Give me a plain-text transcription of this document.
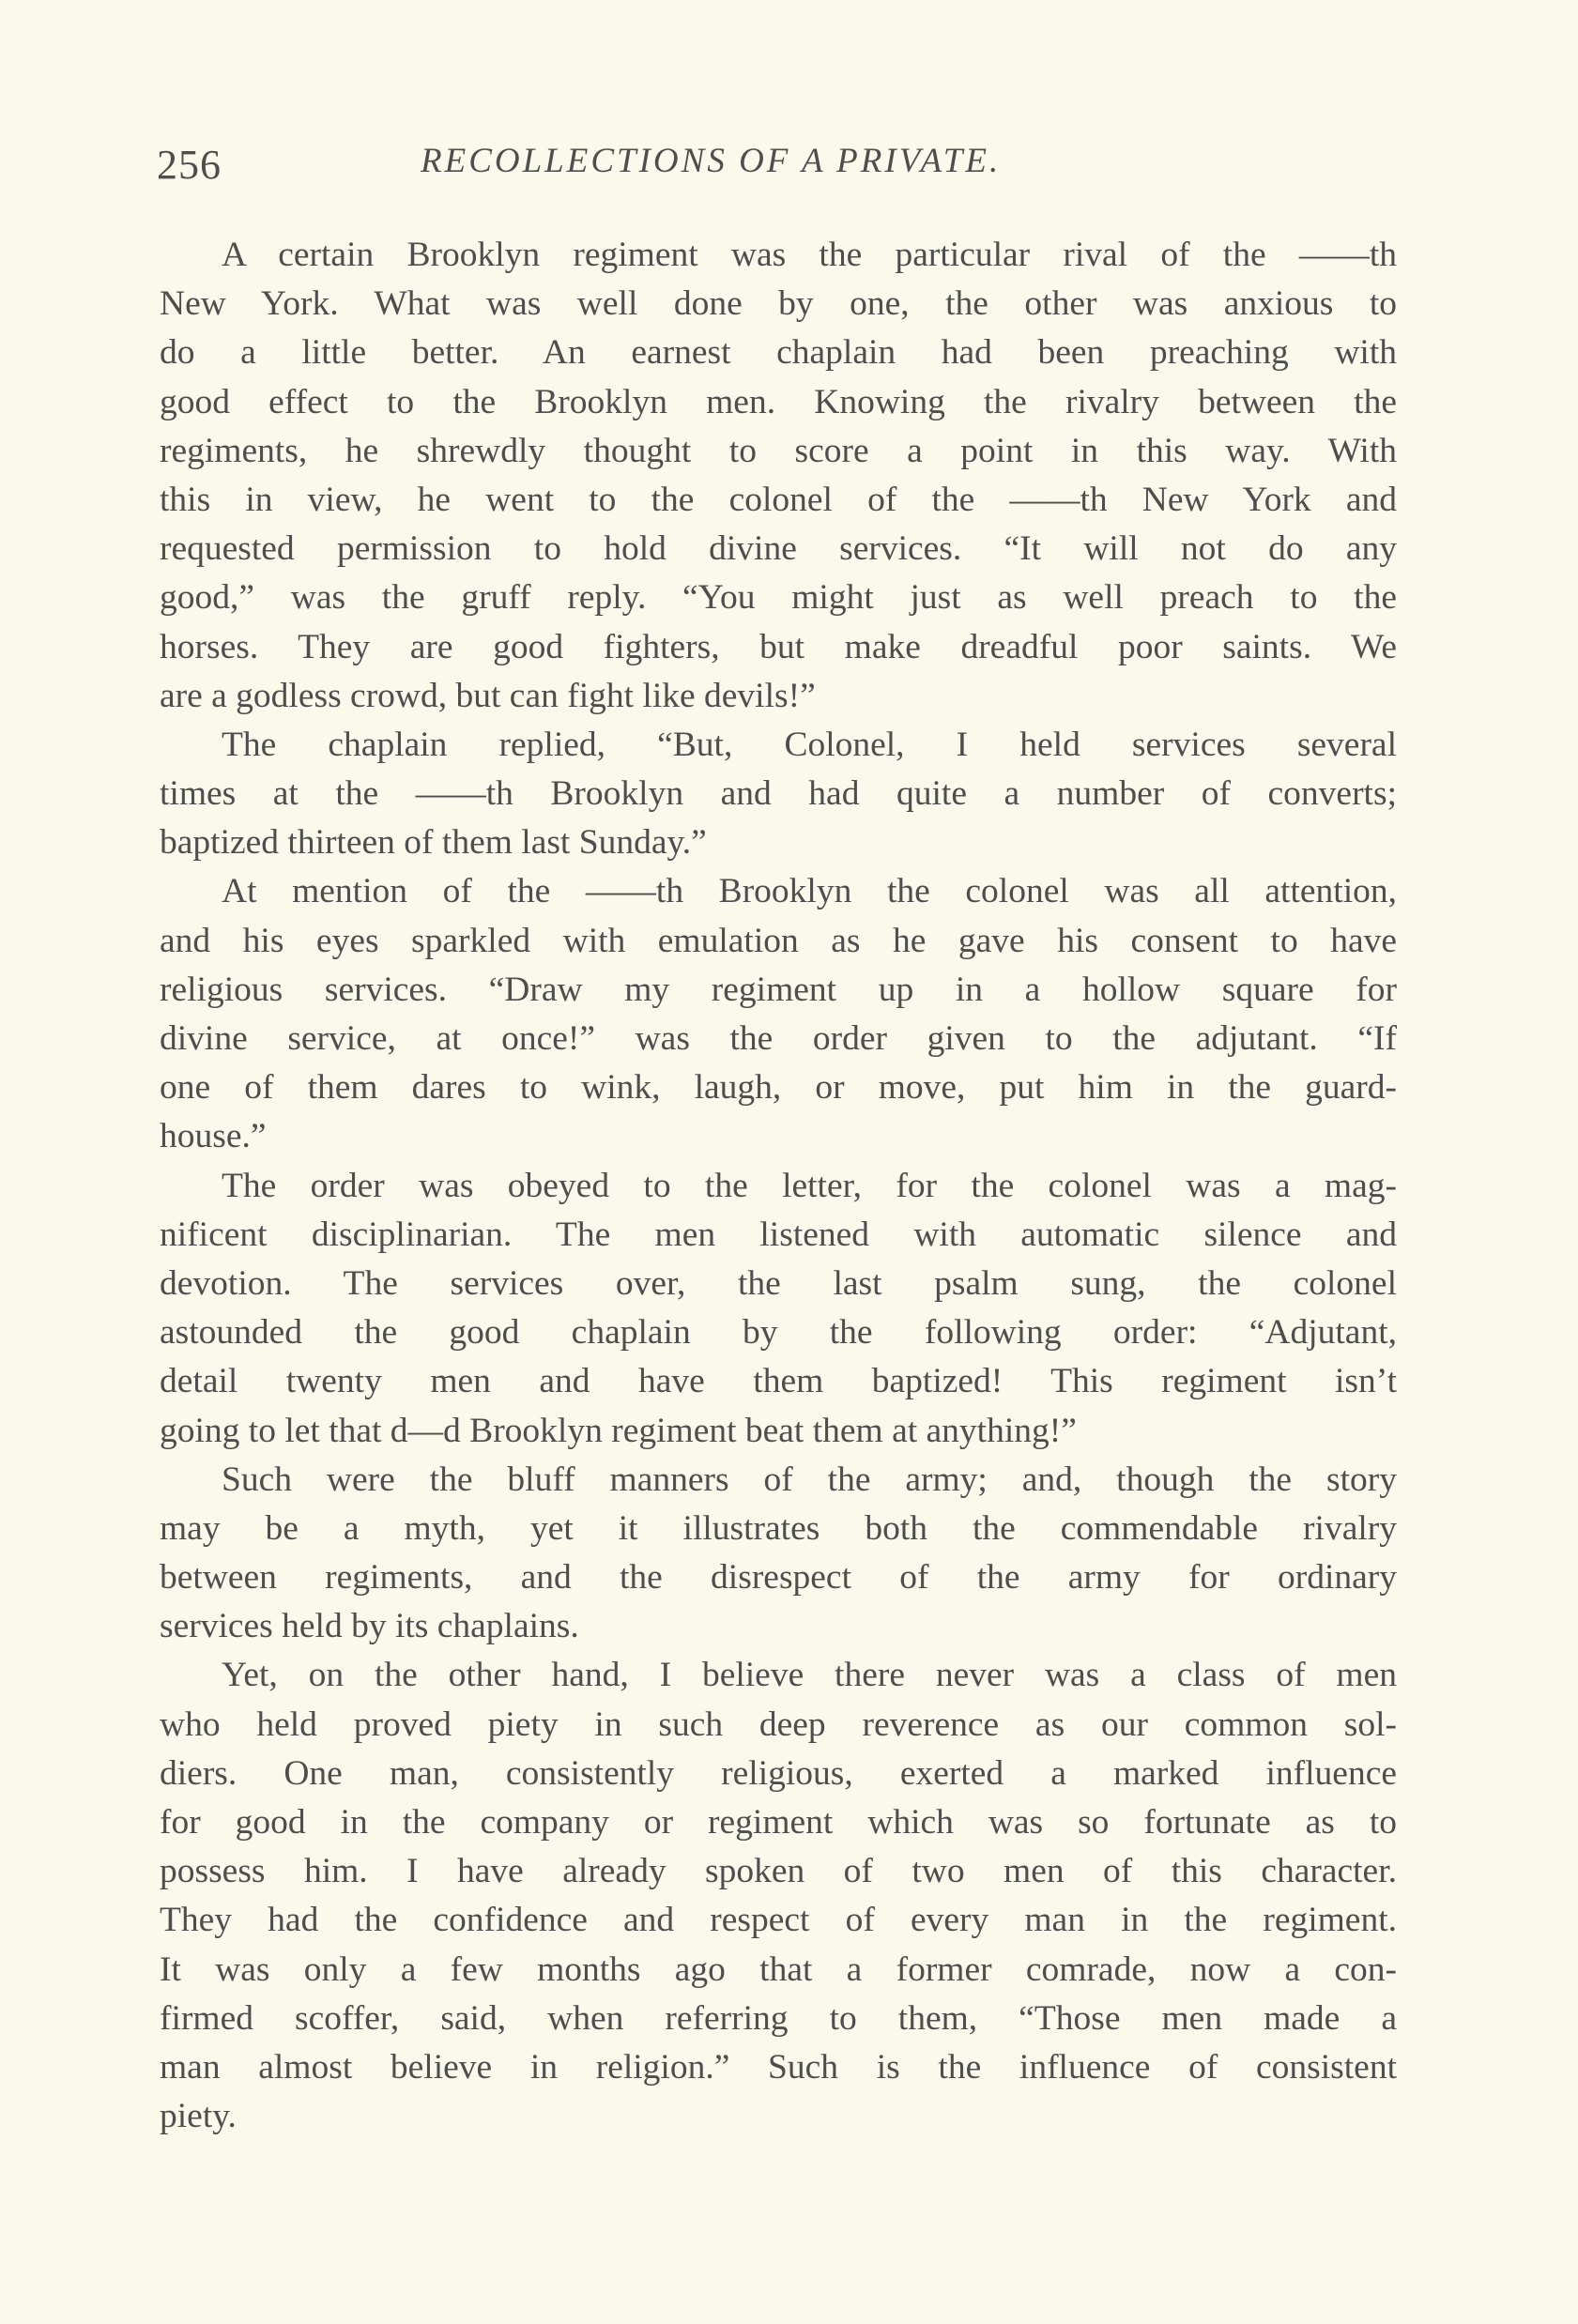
256	RECOLLECTIONS OF A PRIVATE.
A certain Brooklyn regiment was the particular rival of the ——th
New York. What was well done by one, the other was anxious to
do a little better. An earnest chaplain had been preaching with
good effect to the Brooklyn men. Knowing the rivalry between the
regiments, he shrewdly thought to score a point in this way. With
this in view, he went to the colonel of the ——th New York and
requested permission to hold divine services. “It will not do any
good,” was the gruff reply. “You might just as well preach to the
horses. They are good fighters, but make dreadful poor saints. We
are a godless crowd, but can fight like devils!”
The chaplain replied, “But, Colonel, I held services several
times at the ——th Brooklyn and had quite a number of converts;
baptized thirteen of them last Sunday.”
At mention of the ——th Brooklyn the colonel was all attention,
and his eyes sparkled with emulation as he gave his consent to have
religious services. “Draw my regiment up in a hollow square for
divine service, at once!” was the order given to the adjutant. “If
one of them dares to wink, laugh, or move, put him in the guard-
house.”
The order was obeyed to the letter, for the colonel was a mag-
nificent disciplinarian. The men listened with automatic silence and
devotion. The services over, the last psalm sung, the colonel
astounded the good chaplain by the following order: “Adjutant,
detail twenty men and have them baptized! This regiment isn’t
going to let that d—d Brooklyn regiment beat them at anything!”
Such were the bluff manners of the army; and, though the story
may be a myth, yet it illustrates both the commendable rivalry
between regiments, and the disrespect of the army for ordinary
services held by its chaplains.
Yet, on the other hand, I believe there never was a class of men
who held proved piety in such deep reverence as our common sol-
diers. One man, consistently religious, exerted a marked influence
for good in the company or regiment which was so fortunate as to
possess him. I have already spoken of two men of this character.
They had the confidence and respect of every man in the regiment.
It was only a few months ago that a former comrade, now a con-
firmed scoffer, said, when referring to them, “Those men made a
man almost believe in religion.” Such is the influence of consistent
piety.
